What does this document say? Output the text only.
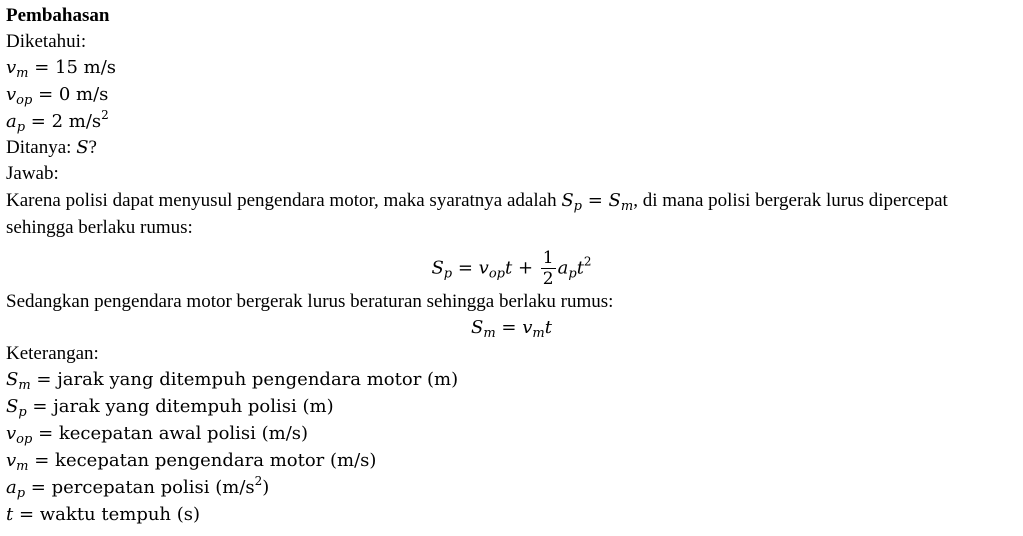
Pembahasan
Diketahui:
$v_m = 15$ m/s
$v_{op} = 0$ m/s
$a_p = 2$ $m/s^2$
Ditanya: S?
Jawab:
Karena polisi dapat menyusul pengendara motor, maka syaratnya adalah $S_p = S_m$, di mana polisi bergerak lurus dipercepat
sehingga berlaku rumus:
$S_p = v_{op}t + \frac{1}{2} a_pt^2$
Sedangkan pengendara motor bergerak lurus beraturan sehingga berlaku rumus:
$S_m = v_mt$
Keterangan:
$S_m$ = jarak yang ditempuh pengendara motor (m)
$S_p$ = jarak yang ditempuh polisi (m)
$v_{op}$ = kecepatan awal polisi (m/s)
$v_m$ = kecepatan pengendara motor (m/s)
$a_p$ = percepatan polisi $(m/s^2)$
t = waktu tempuh (s)
